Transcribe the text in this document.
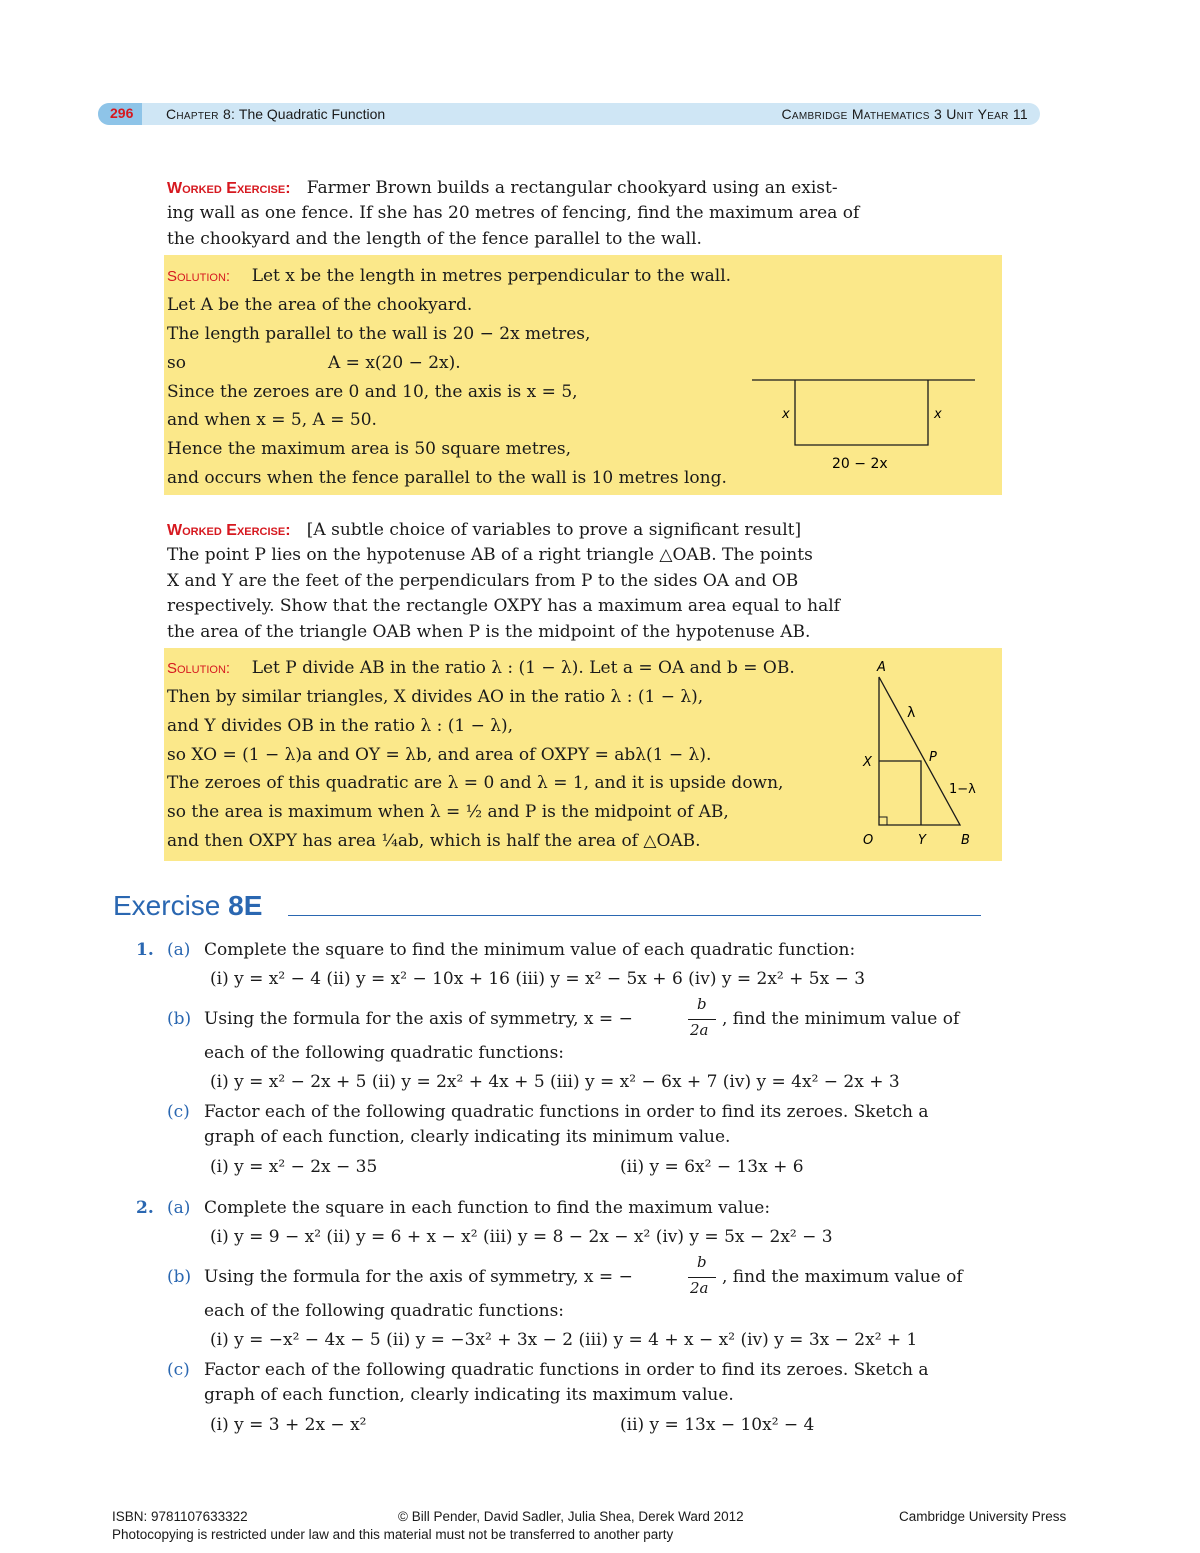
296 Chapter 8: The Quadratic Function	Cambridge Mathematics 3 Unit Year 11
Worked Exercise: Farmer Brown builds a rectangular chookyard using an exist-
ing wall as one fence. If she has 20 metres of fencing, find the maximum area of
the chookyard and the length of the fence parallel to the wall.
Solution: Let x be the length in metres perpendicular to the wall.
Let A be the area of the chookyard.
The length parallel to the wall is 20 − 2x metres,
so	A = x(20 − 2x).
Since the zeroes are 0 and 10, the axis is x = 5,
and when x = 5, A = 50.
Hence the maximum area is 50 square metres,
and occurs when the fence parallel to the wall is 10 metres long.
x	x
20 − 2x
Worked Exercise: [A subtle choice of variables to prove a significant result]
The point P lies on the hypotenuse AB of a right triangle △OAB. The points
X and Y are the feet of the perpendiculars from P to the sides OA and OB
respectively. Show that the rectangle OXPY has a maximum area equal to half
the area of the triangle OAB when P is the midpoint of the hypotenuse AB.
Solution: Let P divide AB in the ratio λ : (1 − λ). Let a = OA and b = OB.
Then by similar triangles, X divides AO in the ratio λ : (1 − λ),
and Y divides OB in the ratio λ : (1 − λ),
so XO = (1 − λ)a and OY = λb, and area of OXPY = abλ(1 − λ).
The zeroes of this quadratic are λ = 0 and λ = 1, and it is upside down,
so the area is maximum when λ = ½ and P is the midpoint of AB,
and then OXPY has area ¼ab, which is half the area of △OAB.
A
X	P
O	Y	B
λ
1−λ
Exercise 8E
1. (a) Complete the square to find the minimum value of each quadratic function:
(i) y = x² − 4 (ii) y = x² − 10x + 16 (iii) y = x² − 5x + 6 (iv) y = 2x² + 5x − 3
(b) Using the formula for the axis of symmetry, x = −
b
2a
, find the minimum value of
each of the following quadratic functions:
(i) y = x² − 2x + 5 (ii) y = 2x² + 4x + 5 (iii) y = x² − 6x + 7 (iv) y = 4x² − 2x + 3
(c) Factor each of the following quadratic functions in order to find its zeroes. Sketch a
graph of each function, clearly indicating its minimum value.
(i) y = x² − 2x − 35	(ii) y = 6x² − 13x + 6
2. (a) Complete the square in each function to find the maximum value:
(i) y = 9 − x² (ii) y = 6 + x − x² (iii) y = 8 − 2x − x² (iv) y = 5x − 2x² − 3
(b) Using the formula for the axis of symmetry, x = −
b
2a
, find the maximum value of
each of the following quadratic functions:
(i) y = −x² − 4x − 5 (ii) y = −3x² + 3x − 2 (iii) y = 4 + x − x² (iv) y = 3x − 2x² + 1
(c) Factor each of the following quadratic functions in order to find its zeroes. Sketch a
graph of each function, clearly indicating its maximum value.
(i) y = 3 + 2x − x²	(ii) y = 13x − 10x² − 4
ISBN: 9781107633322	© Bill Pender, David Sadler, Julia Shea, Derek Ward 2012	Cambridge University Press
Photocopying is restricted under law and this material must not be transferred to another party
